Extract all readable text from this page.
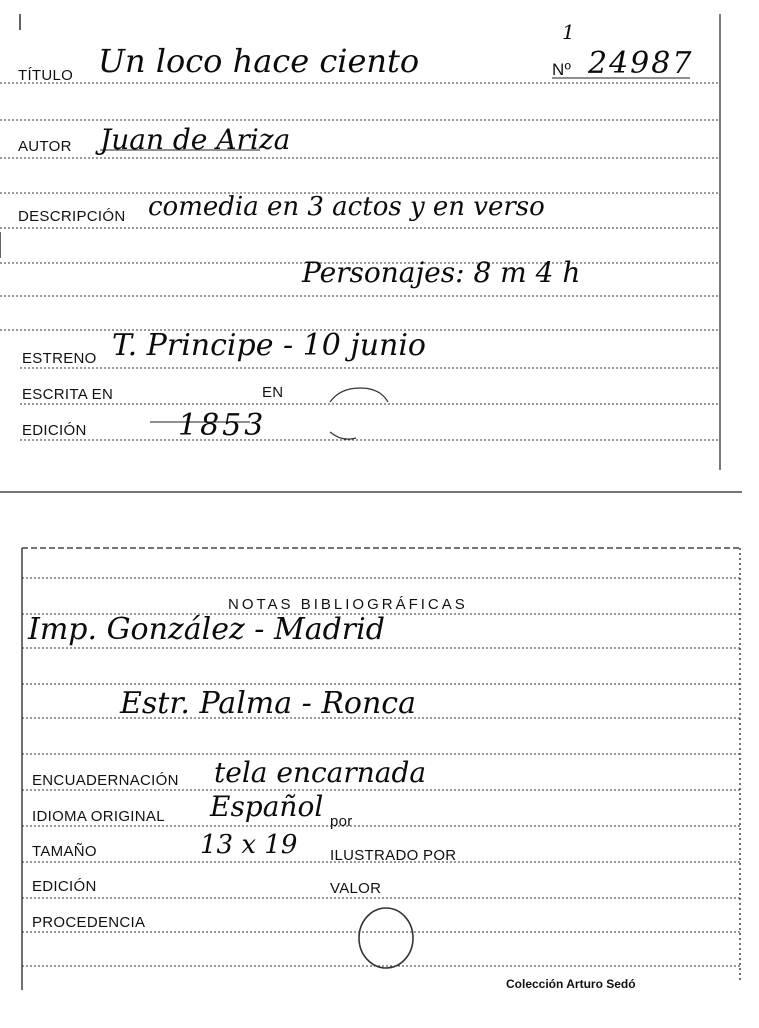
TÍTULO Un loco hace ciento
1
Nº 24987
AUTOR Juan de Ariza
DESCRIPCIÓN comedia en 3 actos y en verso
Personajes: 8 m 4 h
ESTRENO T. Principe - 10 junio
ESCRITA EN	EN
EDICIÓN	1853
NOTAS BIBLIOGRÁFICAS
Imp. González - Madrid
Estr. Palma - Ronca
ENCUADERNACIÓN tela encarnada
IDIOMA ORIGINAL Español por
TAMAÑO	13 x 19 ILUSTRADO POR
EDICIÓN	VALOR
PROCEDENCIA
Colección Arturo Sedó
